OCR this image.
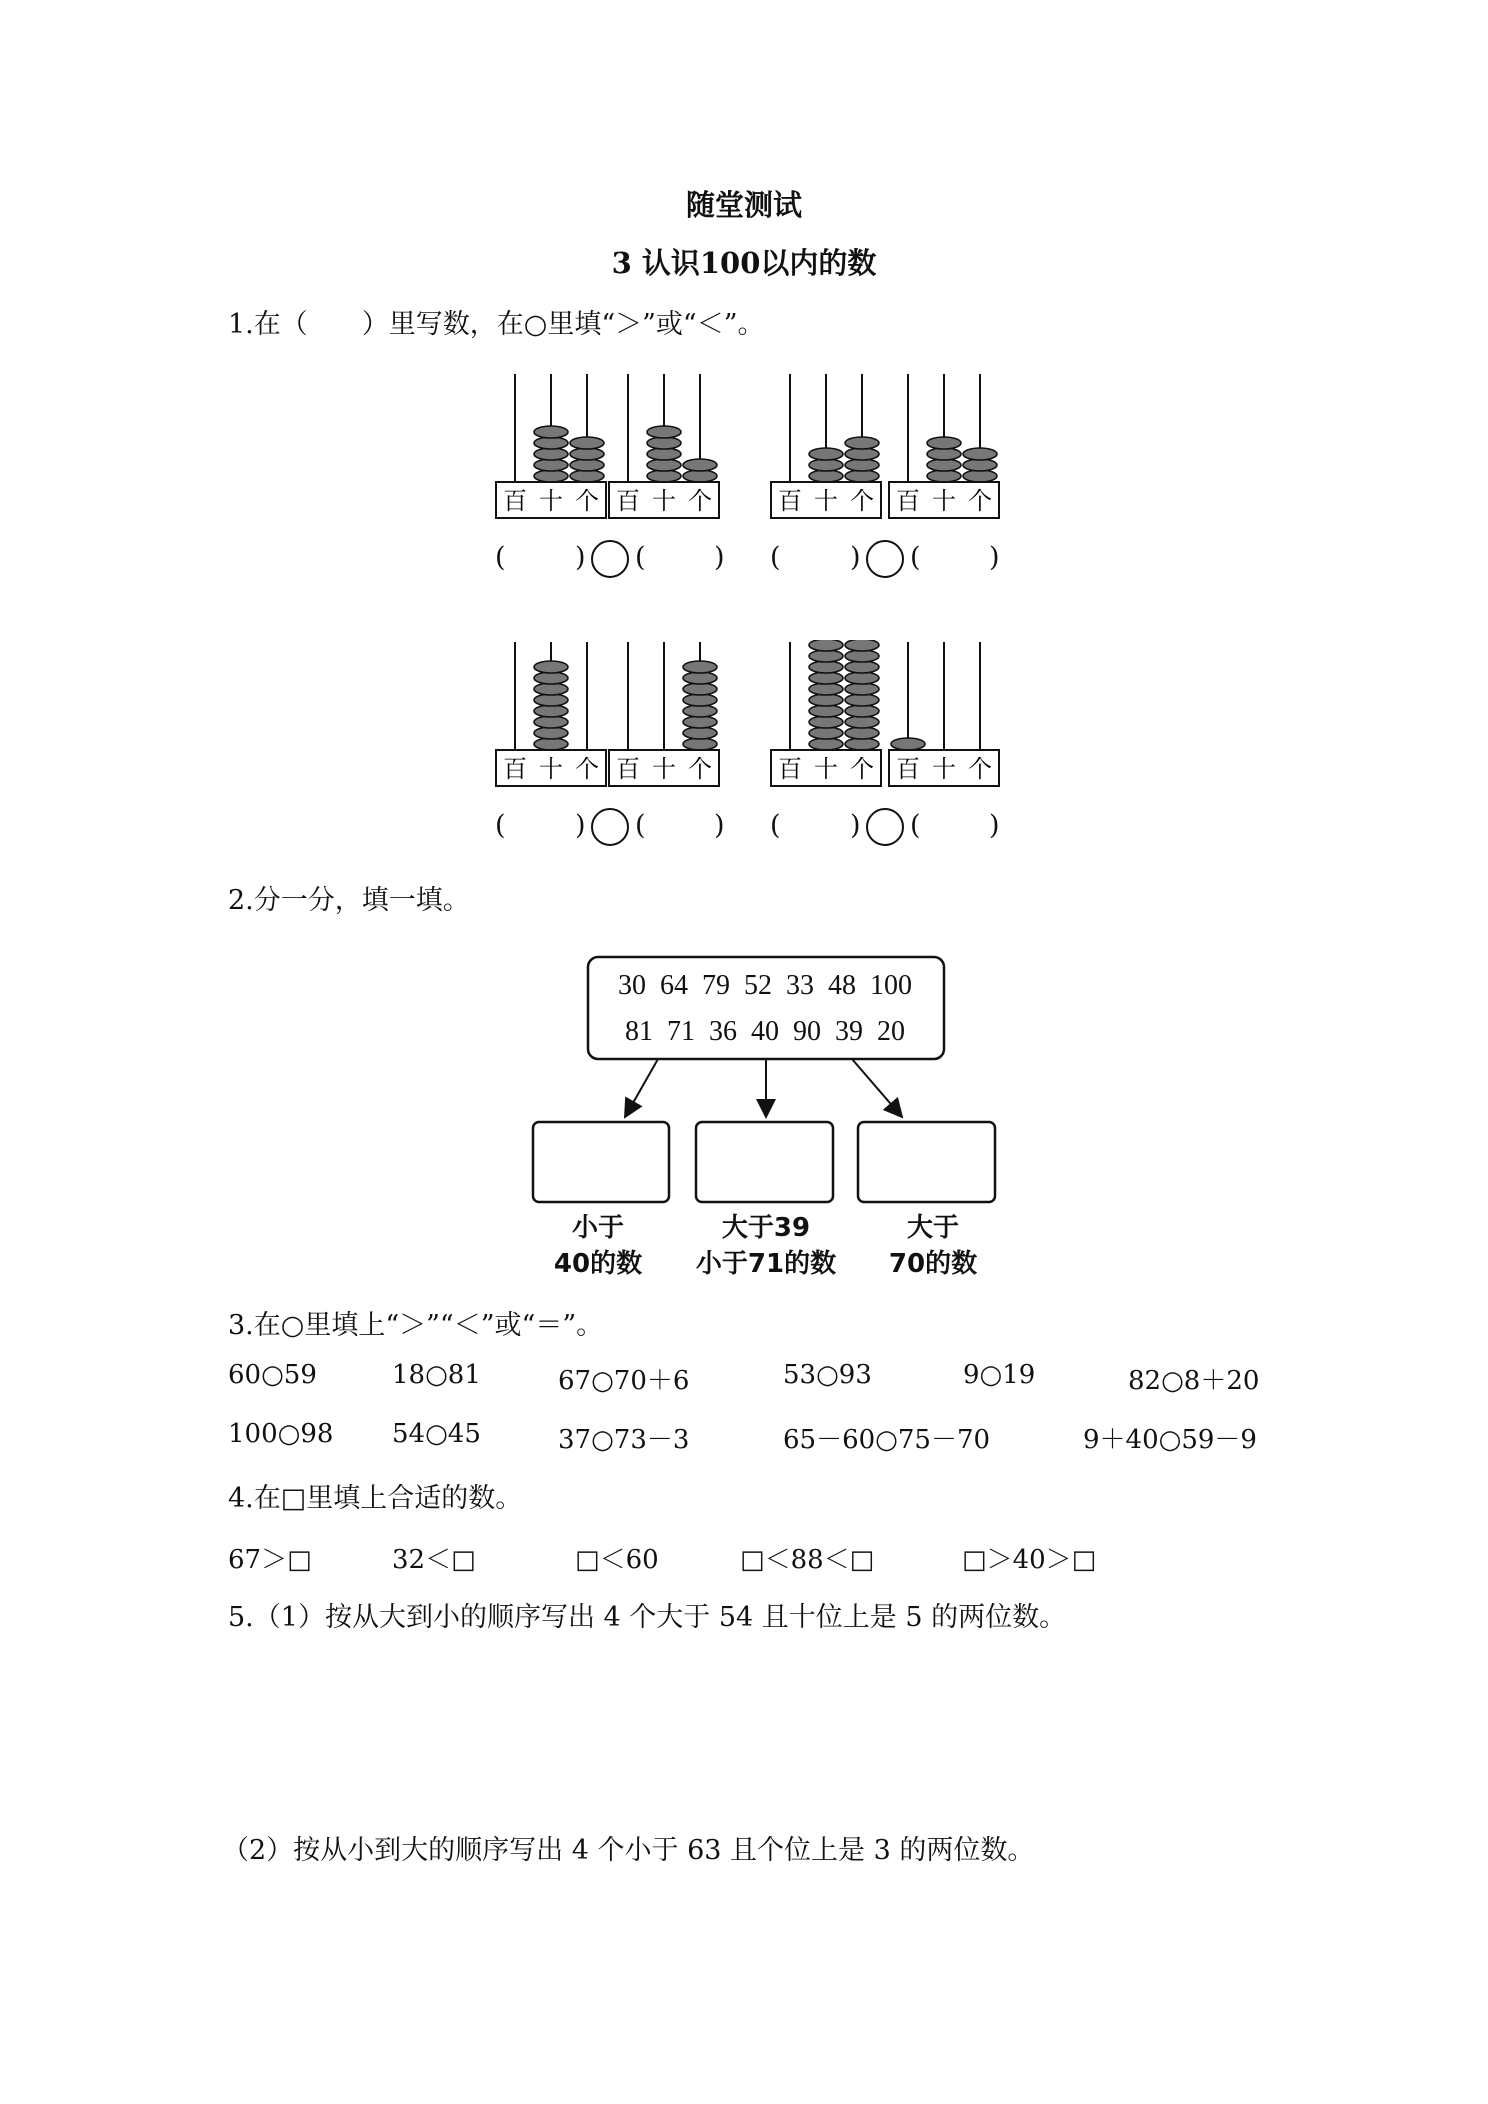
随堂测试
3 认识100以内的数
1.在（　　）里写数，在○里填“＞”或“＜”。
百 十 个 百 十 个
(	)	)
(
百 十 个 百 十 个
(	)	)
(
百 十 个 百 十 个
(	)	)
(
百 十 个 百 十 个
(	)	)
(
2.分一分，填一填。
30  64  79  52  33  48  100
81  71  36  40  90  39  20
小于
40的数
大于39
小于71的数
大于
70的数
3.在○里填上“＞”“＜”或“＝”。
60○59	18○81	67○70＋6	53○93	9○19	82○8＋20
100○98 54○45	37○73－3	65－60○75－70	9＋40○59－9
4.在□里填上合适的数。
67＞□	32＜□	□＜60	□＜88＜□	□＞40＞□
5.（1）按从大到小的顺序写出 4 个大于 54 且十位上是 5 的两位数。
（2）按从小到大的顺序写出 4 个小于 63 且个位上是 3 的两位数。
